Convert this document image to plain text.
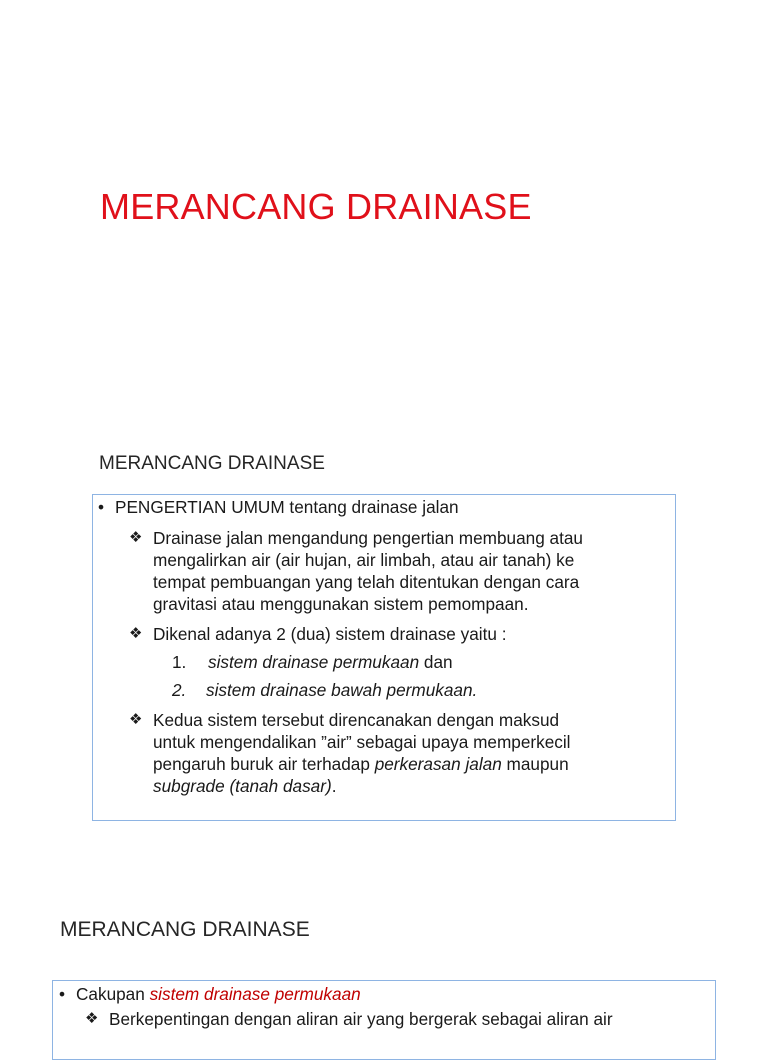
MERANCANG DRAINASE
MERANCANG DRAINASE
• PENGERTIAN UMUM tentang drainase jalan
❖ Drainase jalan mengandung pengertian membuang atau
mengalirkan air (air hujan, air limbah, atau air tanah) ke
tempat pembuangan yang telah ditentukan dengan cara
gravitasi atau menggunakan sistem pemompaan.
❖ Dikenal adanya 2 (dua) sistem drainase yaitu :
1.	sistem drainase permukaan dan
2.	sistem drainase bawah permukaan.
❖ Kedua sistem tersebut direncanakan dengan maksud
untuk mengendalikan ”air” sebagai upaya memperkecil
pengaruh buruk air terhadap perkerasan jalan maupun
subgrade (tanah dasar).
MERANCANG DRAINASE
• Cakupan sistem drainase permukaan
❖ Berkepentingan dengan aliran air yang bergerak sebagai aliran air
